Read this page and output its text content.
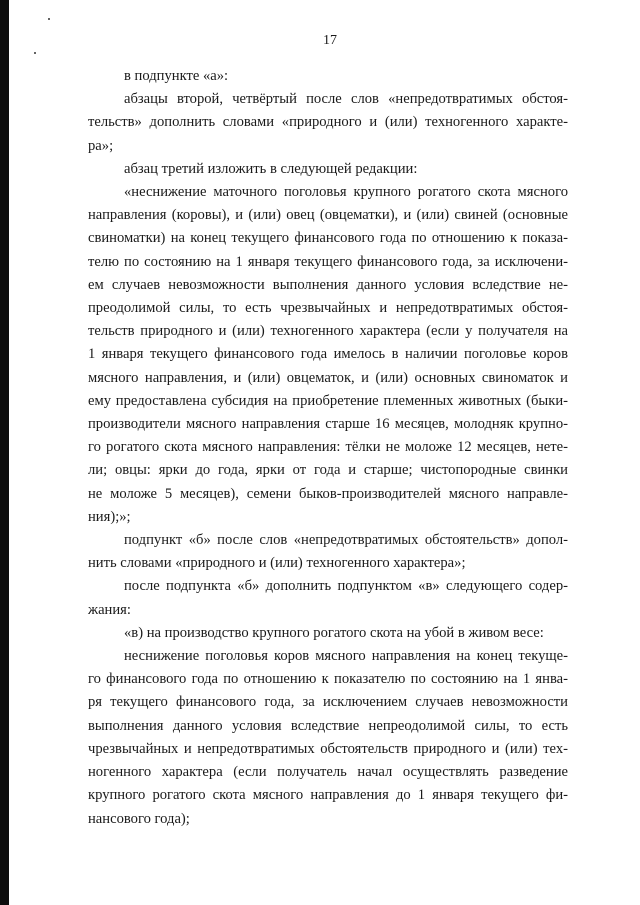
17

в подпункте «а»:

абзацы второй, четвёртый после слов «непредотвратимых обстоя-
тельств» дополнить словами «природного и (или) техногенного характе-
ра»;

абзац третий изложить в следующей редакции:

«неснижение маточного поголовья крупного рогатого скота мясного
направления (коровы), и (или) овец (овцематки), и (или) свиней (основные
свиноматки) на конец текущего финансового года по отношению к показа-
телю по состоянию на 1 января текущего финансового года, за исключени-
ем случаев невозможности выполнения данного условия вследствие не-
преодолимой силы, то есть чрезвычайных и непредотвратимых обстоя-
тельств природного и (или) техногенного характера (если у получателя на
1 января текущего финансового года имелось в наличии поголовье коров
мясного направления, и (или) овцематок, и (или) основных свиноматок и
ему предоставлена субсидия на приобретение племенных животных (быки-
производители мясного направления старше 16 месяцев, молодняк крупно-
го рогатого скота мясного направления: тёлки не моложе 12 месяцев, нете-
ли; овцы: ярки до года, ярки от года и старше; чистопородные свинки
не моложе 5 месяцев), семени быков-производителей мясного направле-
ния);»;

подпункт «б» после слов «непредотвратимых обстоятельств» допол-
нить словами «природного и (или) техногенного характера»;

после подпункта «б» дополнить подпунктом «в» следующего содер-
жания:

«в) на производство крупного рогатого скота на убой в живом весе:

неснижение поголовья коров мясного направления на конец текуще-
го финансового года по отношению к показателю по состоянию на 1 янва-
ря текущего финансового года, за исключением случаев невозможности
выполнения данного условия вследствие непреодолимой силы, то есть
чрезвычайных и непредотвратимых обстоятельств природного и (или) тех-
ногенного характера (если получатель начал осуществлять разведение
крупного рогатого скота мясного направления до 1 января текущего фи-
нансового года);
